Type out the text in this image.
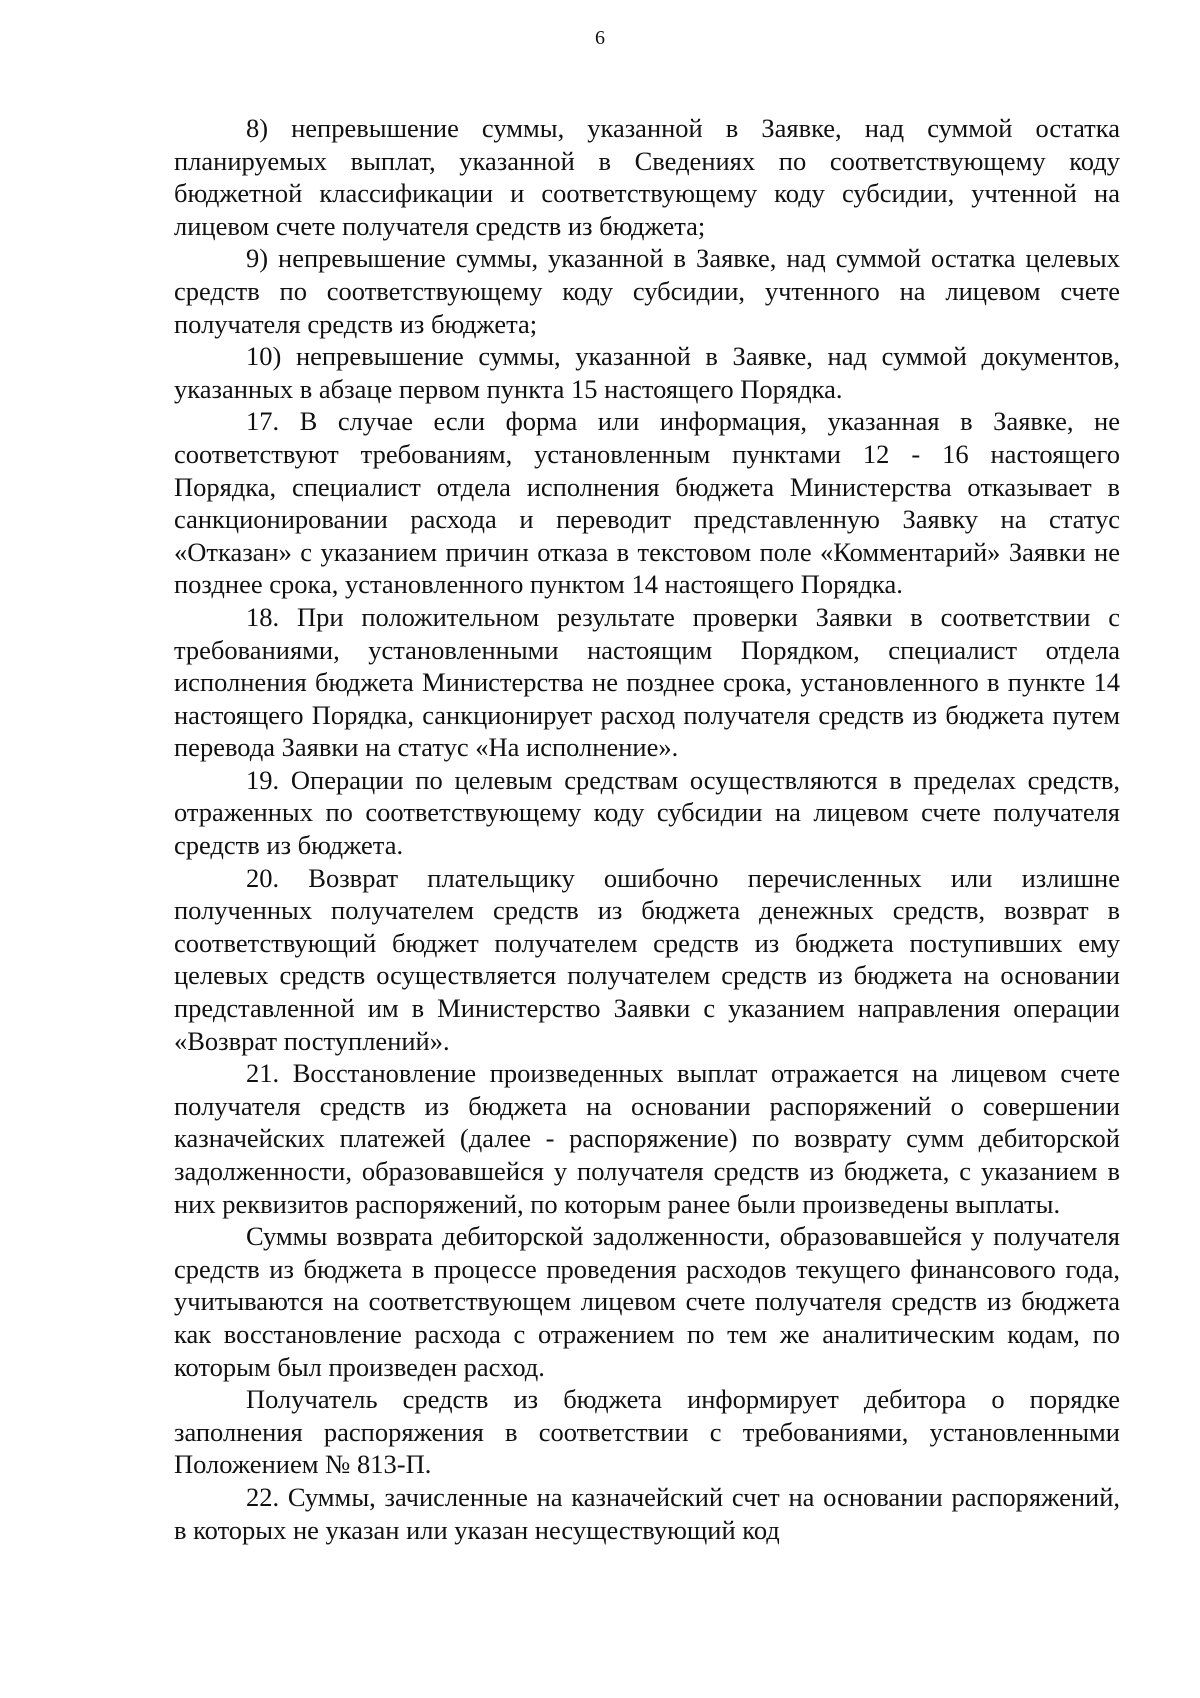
6

8) непревышение суммы, указанной в Заявке, над суммой остатка планируемых выплат, указанной в Сведениях по соответствующему коду бюджетной классификации и соответствующему коду субсидии, учтенной на лицевом счете получателя средств из бюджета;

9) непревышение суммы, указанной в Заявке, над суммой остатка целевых средств по соответствующему коду субсидии, учтенного на лицевом счете получателя средств из бюджета;

10) непревышение суммы, указанной в Заявке, над суммой документов, указанных в абзаце первом пункта 15 настоящего Порядка.

17. В случае если форма или информация, указанная в Заявке, не соответствуют требованиям, установленным пунктами 12 - 16 настоящего Порядка, специалист отдела исполнения бюджета Министерства отказывает в санкционировании расхода и переводит представленную Заявку на статус «Отказан» с указанием причин отказа в текстовом поле «Комментарий» Заявки не позднее срока, установленного пунктом 14 настоящего Порядка.

18. При положительном результате проверки Заявки в соответствии с требованиями, установленными настоящим Порядком, специалист отдела исполнения бюджета Министерства не позднее срока, установленного в пункте 14 настоящего Порядка, санкционирует расход получателя средств из бюджета путем перевода Заявки на статус «На исполнение».

19. Операции по целевым средствам осуществляются в пределах средств, отраженных по соответствующему коду субсидии на лицевом счете получателя средств из бюджета.

20. Возврат плательщику ошибочно перечисленных или излишне полученных получателем средств из бюджета денежных средств, возврат в соответствующий бюджет получателем средств из бюджета поступивших ему целевых средств осуществляется получателем средств из бюджета на основании представленной им в Министерство Заявки с указанием направления операции «Возврат поступлений».

21. Восстановление произведенных выплат отражается на лицевом счете получателя средств из бюджета на основании распоряжений о совершении казначейских платежей (далее - распоряжение) по возврату сумм дебиторской задолженности, образовавшейся у получателя средств из бюджета, с указанием в них реквизитов распоряжений, по которым ранее были произведены выплаты.

Суммы возврата дебиторской задолженности, образовавшейся у получателя средств из бюджета в процессе проведения расходов текущего финансового года, учитываются на соответствующем лицевом счете получателя средств из бюджета как восстановление расхода с отражением по тем же аналитическим кодам, по которым был произведен расход.

Получатель средств из бюджета информирует дебитора о порядке заполнения распоряжения в соответствии с требованиями, установленными Положением № 813-П.

22. Суммы, зачисленные на казначейский счет на основании распоряжений, в которых не указан или указан несуществующий код
